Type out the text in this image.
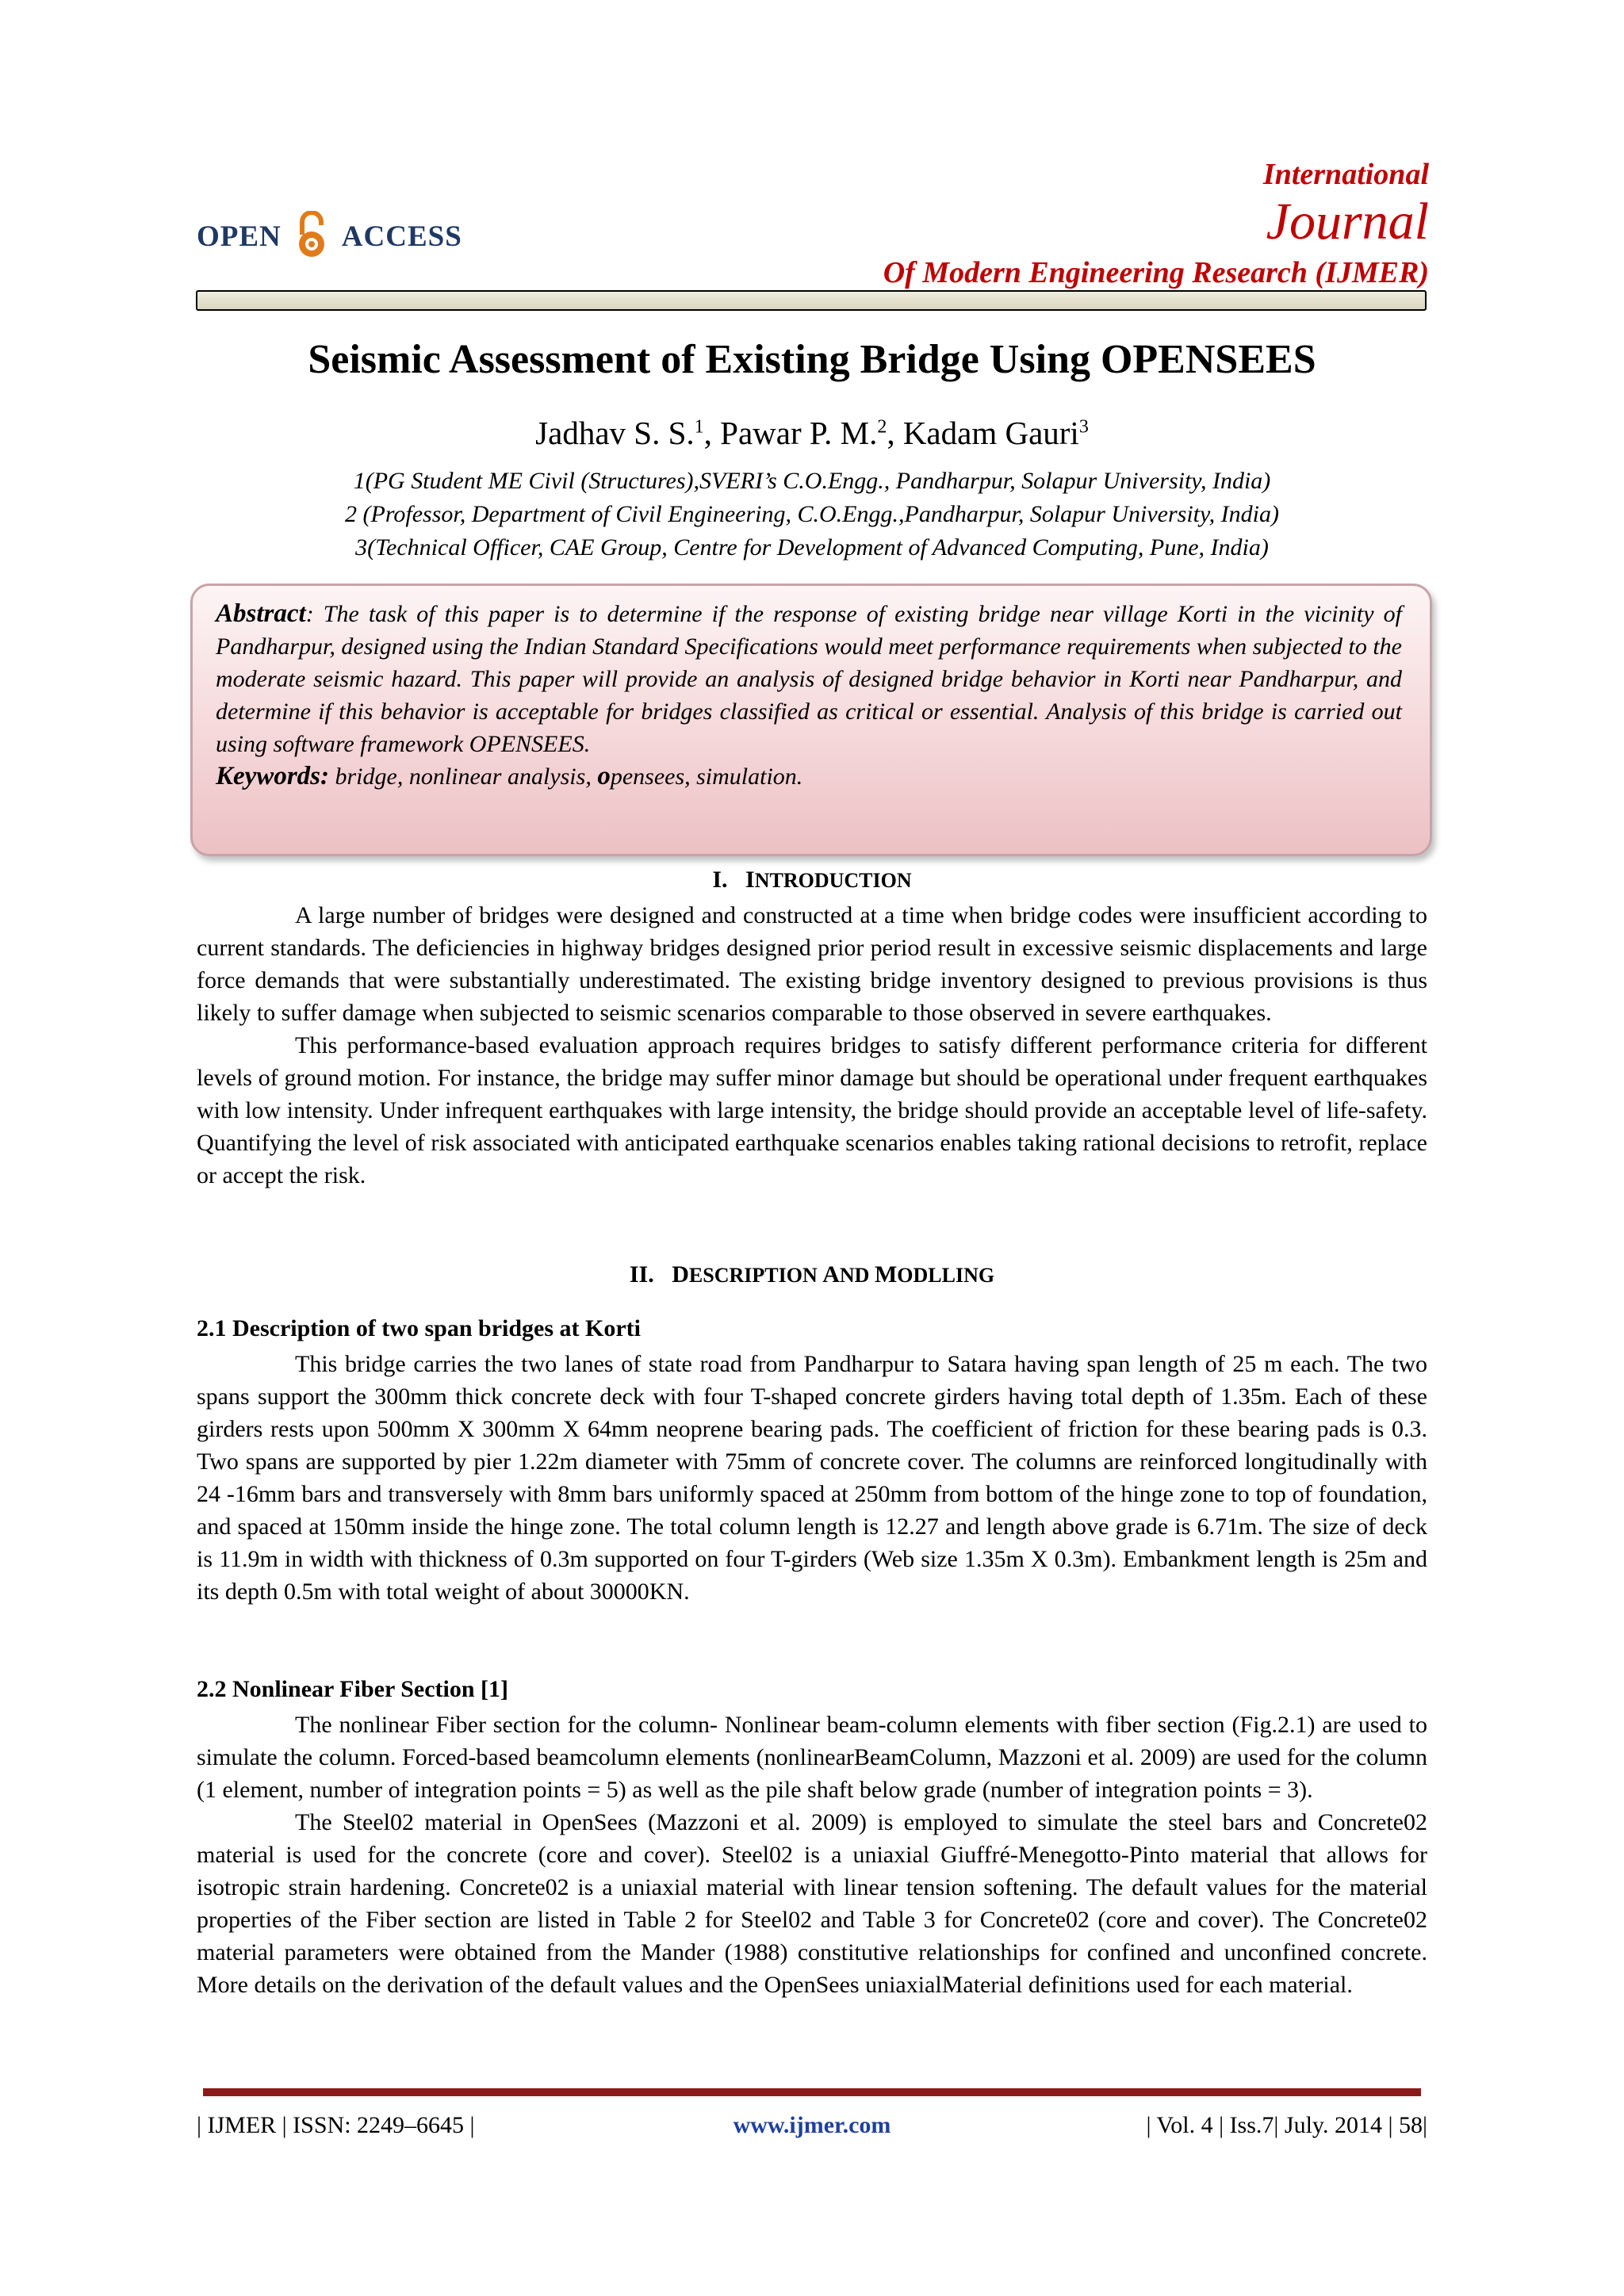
OPEN ACCESS
International
Journal
Of Modern Engineering Research (IJMER)
Seismic Assessment of Existing Bridge Using OPENSEES
Jadhav S. S.$^1$, Pawar P. M.$^2$, Kadam Gauri$^3$
1(PG Student ME Civil (Structures),SVERI’s C.O.Engg., Pandharpur, Solapur University, India)
2 (Professor, Department of Civil Engineering, C.O.Engg.,Pandharpur, Solapur University, India)
3(Technical Officer, CAE Group, Centre for Development of Advanced Computing, Pune, India)
Abstract: The task of this paper is to determine if the response of existing bridge near village Korti in the vicinity of Pandharpur, designed using the Indian Standard Specifications would meet performance requirements when subjected to the moderate seismic hazard. This paper will provide an analysis of designed bridge behavior in Korti near Pandharpur, and determine if this behavior is acceptable for bridges classified as critical or essential. Analysis of this bridge is carried out using software framework OPENSEES.
Keywords: bridge, nonlinear analysis, opensees, simulation.
I. INTRODUCTION

A large number of bridges were designed and constructed at a time when bridge codes were insufficient according to current standards. The deficiencies in highway bridges designed prior period result in excessive seismic displacements and large force demands that were substantially underestimated. The existing bridge inventory designed to previous provisions is thus likely to suffer damage when subjected to seismic scenarios comparable to those observed in severe earthquakes.

This performance-based evaluation approach requires bridges to satisfy different performance criteria for different levels of ground motion. For instance, the bridge may suffer minor damage but should be operational under frequent earthquakes with low intensity. Under infrequent earthquakes with large intensity, the bridge should provide an acceptable level of life-safety. Quantifying the level of risk associated with anticipated earthquake scenarios enables taking rational decisions to retrofit, replace or accept the risk.

II. DESCRIPTION AND MODLLING
2.1 Description of two span bridges at Korti

This bridge carries the two lanes of state road from Pandharpur to Satara having span length of 25 m each. The two spans support the 300mm thick concrete deck with four T-shaped concrete girders having total depth of 1.35m. Each of these girders rests upon 500mm X 300mm X 64mm neoprene bearing pads. The coefficient of friction for these bearing pads is 0.3. Two spans are supported by pier 1.22m diameter with 75mm of concrete cover. The columns are reinforced longitudinally with 24 -16mm bars and transversely with 8mm bars uniformly spaced at 250mm from bottom of the hinge zone to top of foundation, and spaced at 150mm inside the hinge zone. The total column length is 12.27 and length above grade is 6.71m. The size of deck is 11.9m in width with thickness of 0.3m supported on four T-girders (Web size 1.35m X 0.3m). Embankment length is 25m and its depth 0.5m with total weight of about 30000KN.

2.2 Nonlinear Fiber Section [1]

The nonlinear Fiber section for the column- Nonlinear beam-column elements with fiber section (Fig.2.1) are used to simulate the column. Forced-based beamcolumn elements (nonlinearBeamColumn, Mazzoni et al. 2009) are used for the column (1 element, number of integration points = 5) as well as the pile shaft below grade (number of integration points = 3).

The Steel02 material in OpenSees (Mazzoni et al. 2009) is employed to simulate the steel bars and Concrete02 material is used for the concrete (core and cover). Steel02 is a uniaxial Giuffré-Menegotto-Pinto material that allows for isotropic strain hardening. Concrete02 is a uniaxial material with linear tension softening. The default values for the material properties of the Fiber section are listed in Table 2 for Steel02 and Table 3 for Concrete02 (core and cover). The Concrete02 material parameters were obtained from the Mander (1988) constitutive relationships for confined and unconfined concrete. More details on the derivation of the default values and the OpenSees uniaxialMaterial definitions used for each material.

| IJMER | ISSN: 2249–6645 |	www.ijmer.com	| Vol. 4 | Iss.7| July. 2014 | 58|
